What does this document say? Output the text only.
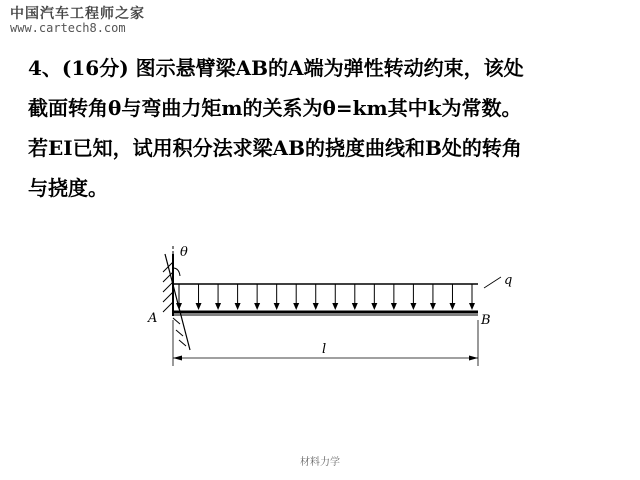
中国汽车工程师之家
www.cartech8.com
4、(16分) 图示悬臂梁AB的A端为弹性转动约束，该处
截面转角θ与弯曲力矩m的关系为θ=km其中k为常数。
若EI已知，试用积分法求梁AB的挠度曲线和B处的转角
与挠度。
θ
q
A	B
l
材料力学
